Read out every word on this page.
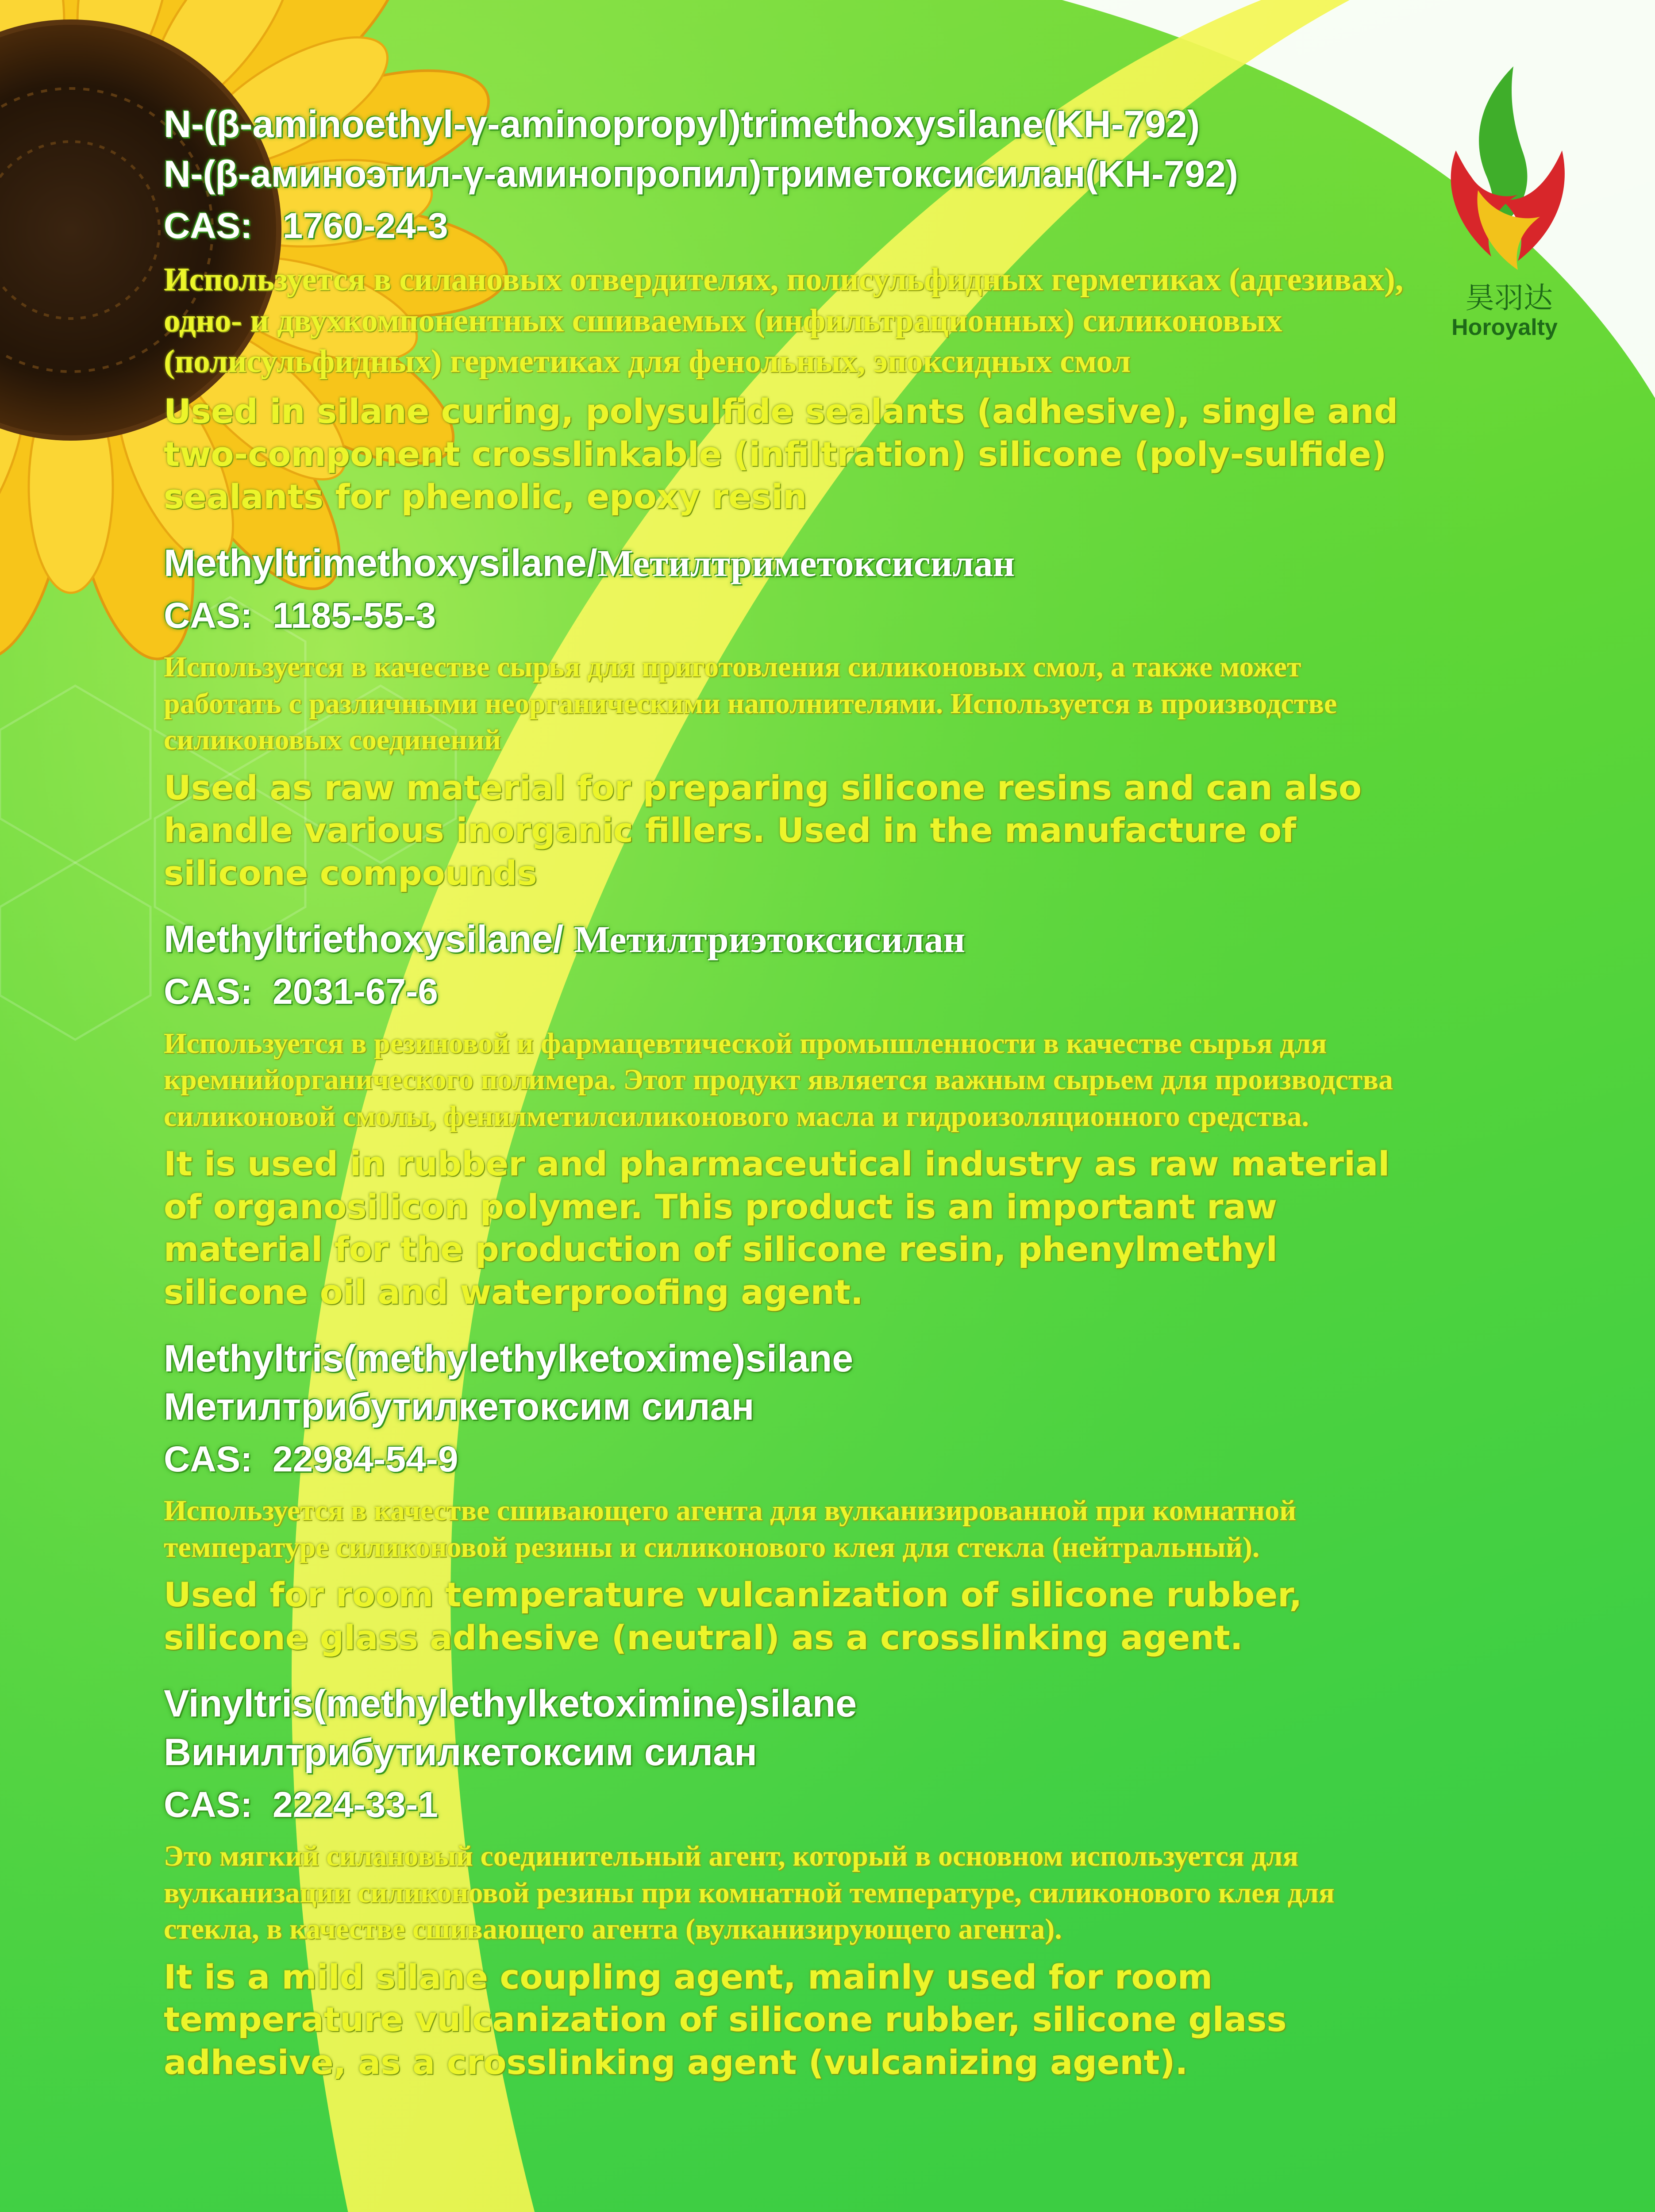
昊羽达
Horoyalty
N-(β-aminoethyl-γ-aminopropyl)trimethoxysilane(KH-792)
N-(β-аминоэтил-γ-аминопропил)триметоксисилан(KH-792)
CAS: 1760-24-3
Используется в силановых отвердителях, полисульфидных герметиках (адгезивах), одно- и двухкомпонентных сшиваемых (инфильтрационных) силиконовых (полисульфидных) герметиках для фенольных, эпоксидных смол
Used in silane curing, polysulfide sealants (adhesive), single and two-component crosslinkable (infiltration) silicone (poly-sulfide) sealants for phenolic, epoxy resin
Methyltrimethoxysilane/Метилтриметоксисилан
CAS: 1185-55-3
Используется в качестве сырья для приготовления силиконовых смол, а также может работать с различными неорганическими наполнителями. Используется в производстве силиконовых соединений
Used as raw material for preparing silicone resins and can also handle various inorganic fillers. Used in the manufacture of silicone compounds
Methyltriethoxysilane/ Метилтриэтоксисилан
CAS: 2031-67-6
Используется в резиновой и фармацевтической промышленности в качестве сырья для кремнийорганического полимера. Этот продукт является важным сырьем для производства силиконовой смолы, фенилметилсиликонового масла и гидроизоляционного средства.
It is used in rubber and pharmaceutical industry as raw material of organosilicon polymer. This product is an important raw material for the production of silicone resin, phenylmethyl silicone oil and waterproofing agent.
Methyltris(methylethylketoxime)silane
Метилтрибутилкетоксим силан
CAS: 22984-54-9
Используется в качестве сшивающего агента для вулканизированной при комнатной температуре силиконовой резины и силиконового клея для стекла (нейтральный).
Used for room temperature vulcanization of silicone rubber, silicone glass adhesive (neutral) as a crosslinking agent.
Vinyltris(methylethylketoximine)silane
Винилтрибутилкетоксим силан
CAS: 2224-33-1
Это мягкий силановый соединительный агент, который в основном используется для вулканизации силиконовой резины при комнатной температуре, силиконового клея для стекла, в качестве сшивающего агента (вулканизирующего агента).
It is a mild silane coupling agent, mainly used for room temperature vulcanization of silicone rubber, silicone glass adhesive, as a crosslinking agent (vulcanizing agent).
